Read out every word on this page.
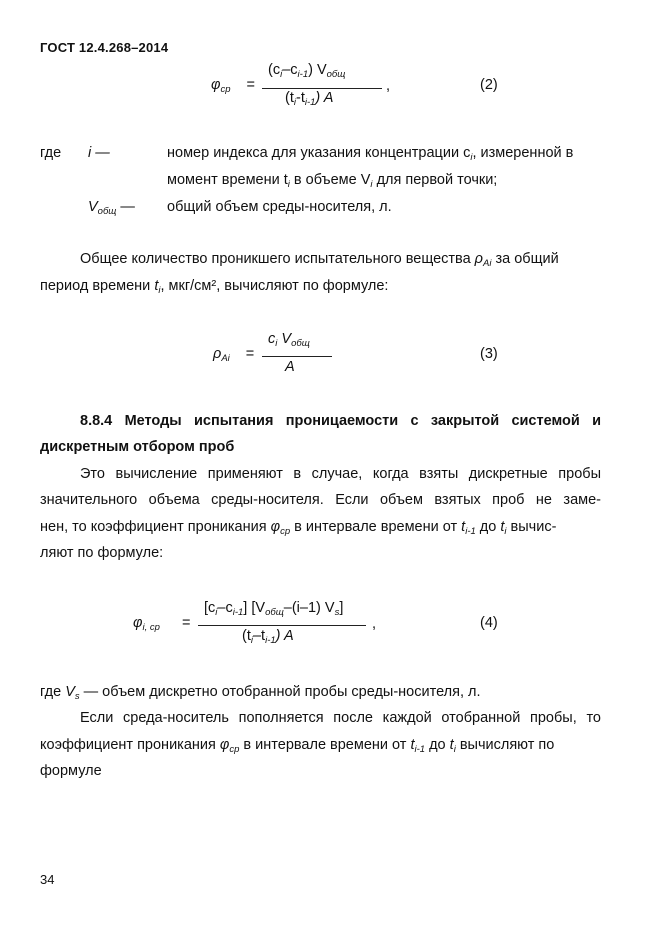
ГОСТ 12.4.268–2014
$\varphi_{ср}$ =
$(c_i-c_{i-1})$ $V_{общ}$
$(t_i-t_{i-1})$ A
,	(2)
где i —	номер индекса для указания концентрации $c_i$, измеренной в
момент времени $t_i$ в объеме $V_i$ для первой точки;
$V_{общ}$ — общий объем среды-носителя, л.
Общее количество проникшего испытательного вещества $\rho_{Ai}$ за общий
период времени $t_i$, мкг/см², вычисляют по формуле:
$\rho_{Ai}$ =
$c_i$ $V_{общ}$
A
(3)
8.8.4 Методы испытания проницаемости с закрытой системой и
дискретным отбором проб
Это вычисление применяют в случае, когда взяты дискретные пробы
значительного объема среды-носителя. Если объем взятых проб не заме-
нен, то коэффициент проникания $\varphi_{ср}$ в интервале времени от $t_{i-1}$ до $t_i$ вычис-
ляют по формуле:
$\varphi_{i, ср}$ =
$[c_i-c_{i-1}]$ [$V_{общ}-(i-1)$ $V_s$]
$(t_i-t_{i-1})$ A
,	(4)
где $V_s$ — объем дискретно отобранной пробы среды-носителя, л.
Если среда-носитель пополняется после каждой отобранной пробы, то
коэффициент проникания $\varphi_{ср}$ в интервале времени от $t_{i-1}$ до $t_i$ вычисляют по
формуле
34
